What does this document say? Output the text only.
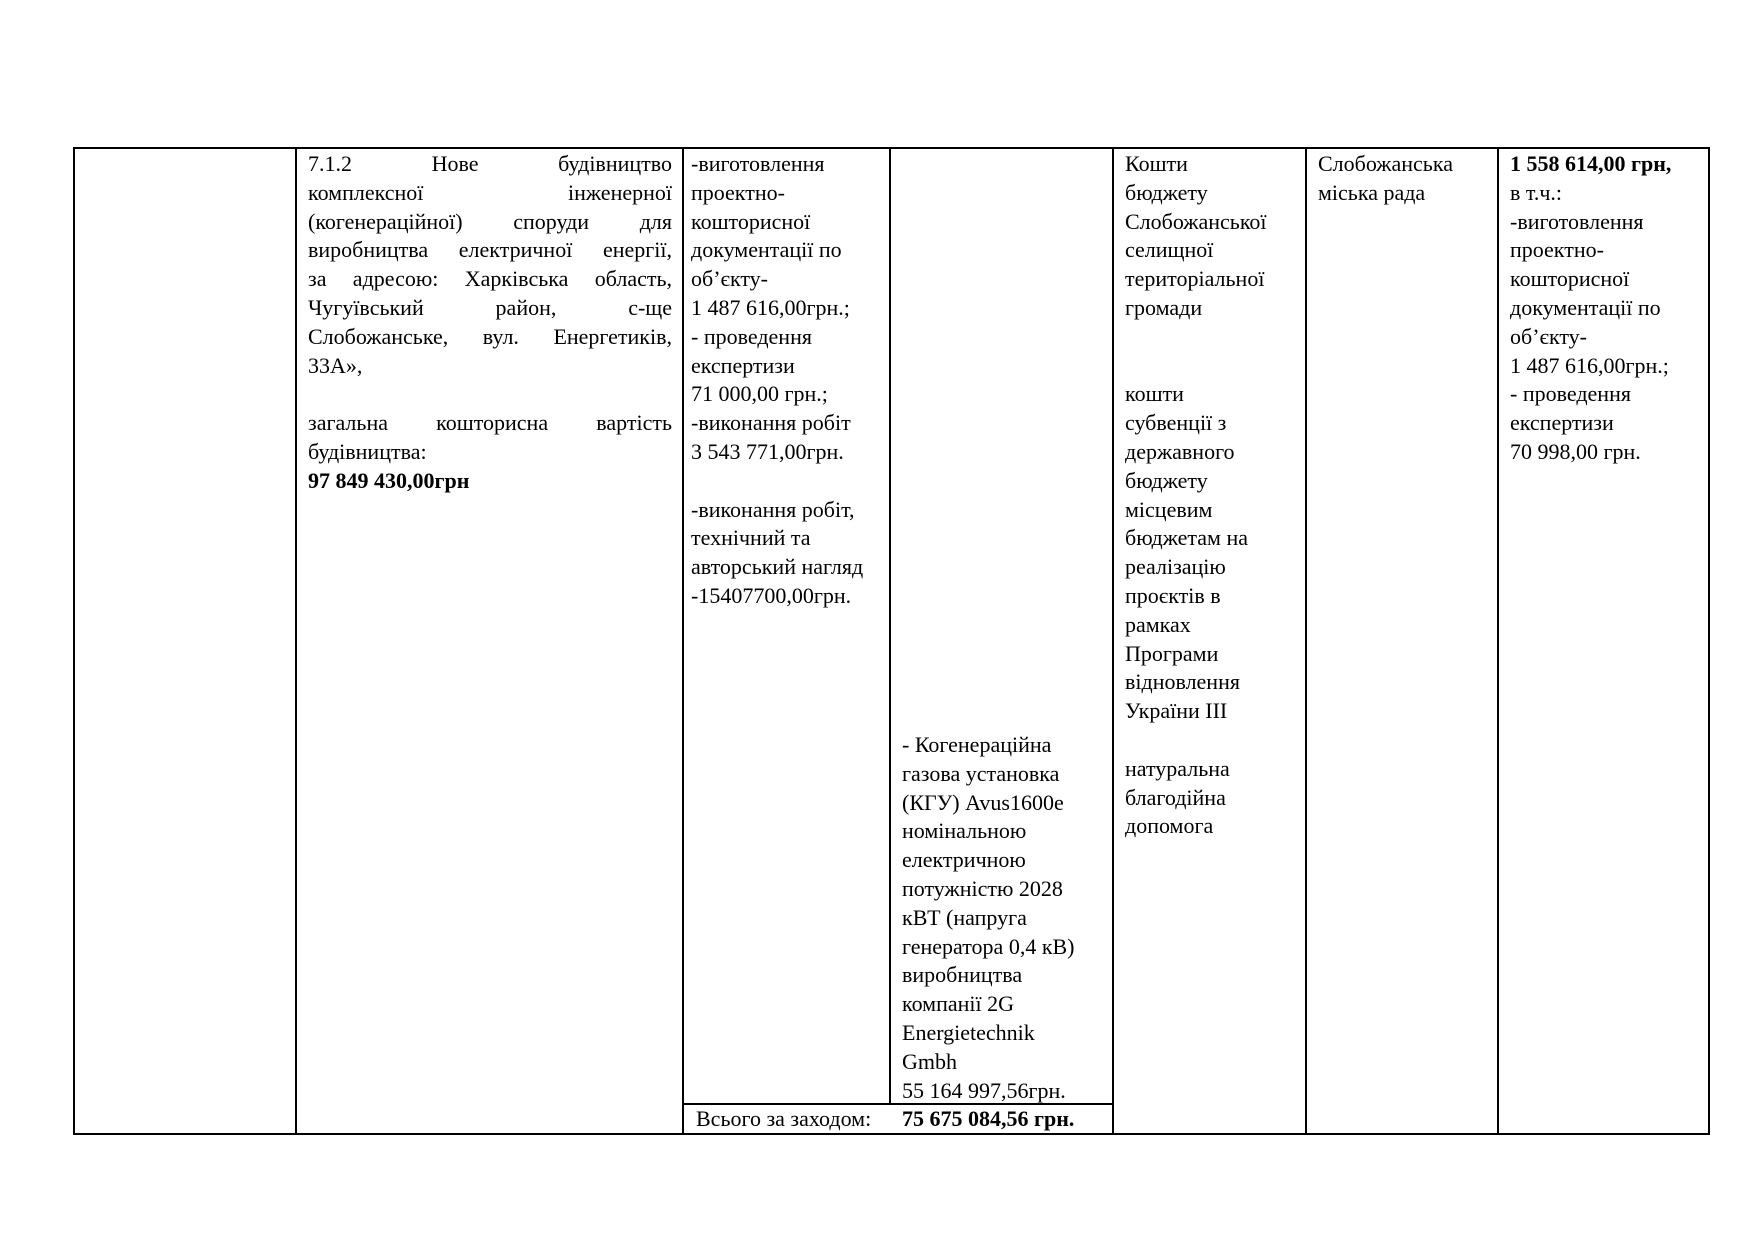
7.1.2 Нове будівництво
комплексної інженерної
(когенераційної) споруди для
виробництва електричної енергії,
за адресою: Харківська область,
Чугуївський район, с-ще
Слобожанське, вул. Енергетиків,
33А»,
загальна кошторисна вартість
будівництва:
97 849 430,00грн
-виготовлення
проектно-
кошторисної
документації по
об’єкту-
1 487 616,00грн.;
- проведення
експертизи
71 000,00 грн.;
-виконання робіт
3 543 771,00грн.
-виконання робіт,
технічний та
авторський нагляд
-15407700,00грн.
- Когенераційна
газова установка
(КГУ) Avus1600e
номінальною
електричною
потужністю 2028
кВТ (напруга
генератора 0,4 кВ)
виробництва
компанії 2G
Energietechnik
Gmbh
55 164 997,56грн.
Всього за заходом: 75 675 084,56 грн.
Кошти
бюджету
Слобожанської
селищної
територіальної
громади
кошти
субвенції з
державного
бюджету
місцевим
бюджетам на
реалізацію
проєктів в
рамках
Програми
відновлення
України ІІІ
натуральна
благодійна
допомога
Слобожанська
міська рада
1 558 614,00 грн,
в т.ч.:
-виготовлення
проектно-
кошторисної
документації по
об’єкту-
1 487 616,00грн.;
- проведення
експертизи
70 998,00 грн.
